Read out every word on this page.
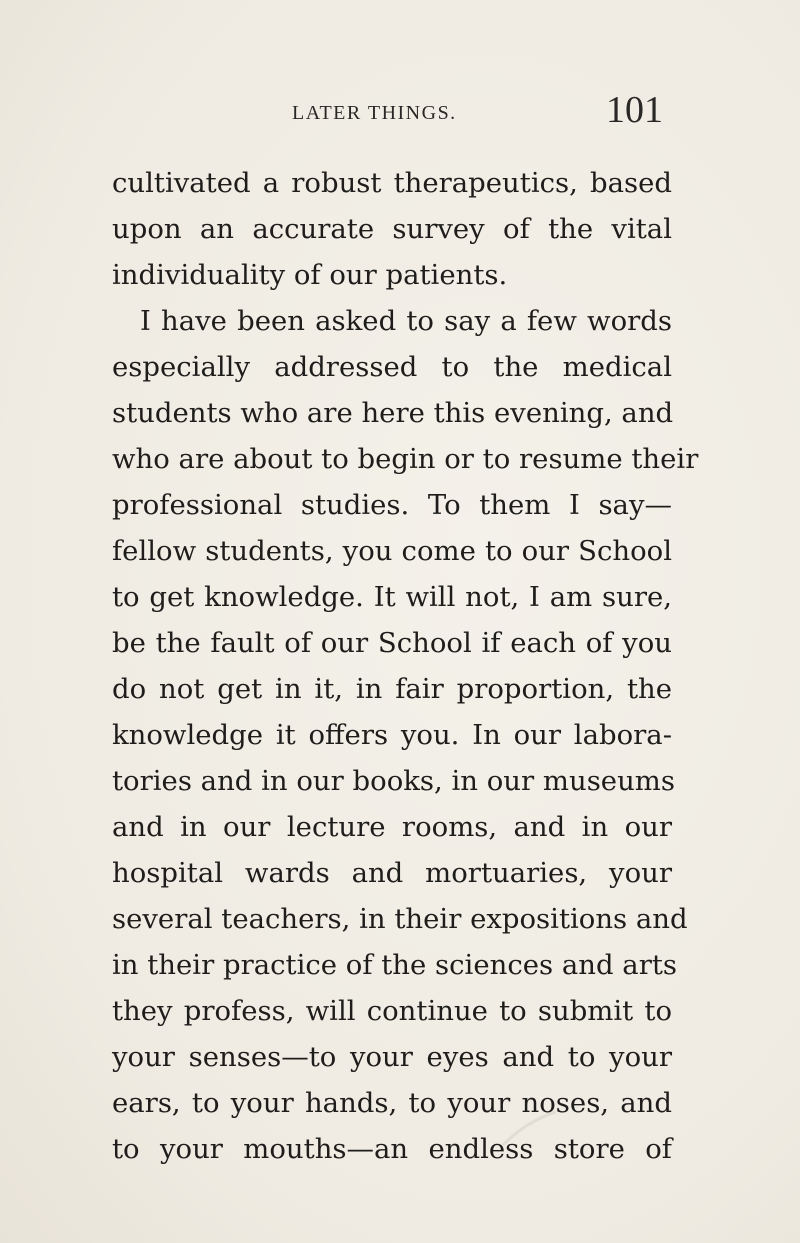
LATER THINGS.	101
cultivated a robust therapeutics, based
upon an accurate survey of the vital
individuality of our patients.
I have been asked to say a few words
especially addressed to the medical
students who are here this evening, and
who are about to begin or to resume their
professional studies. To them I say—
fellow students, you come to our School
to get knowledge. It will not, I am sure,
be the fault of our School if each of you
do not get in it, in fair proportion, the
knowledge it offers you. In our labora-
tories and in our books, in our museums
and in our lecture rooms, and in our
hospital wards and mortuaries, your
several teachers, in their expositions and
in their practice of the sciences and arts
they profess, will continue to submit to
your senses—to your eyes and to your
ears, to your hands, to your noses, and
to your mouths—an endless store of
